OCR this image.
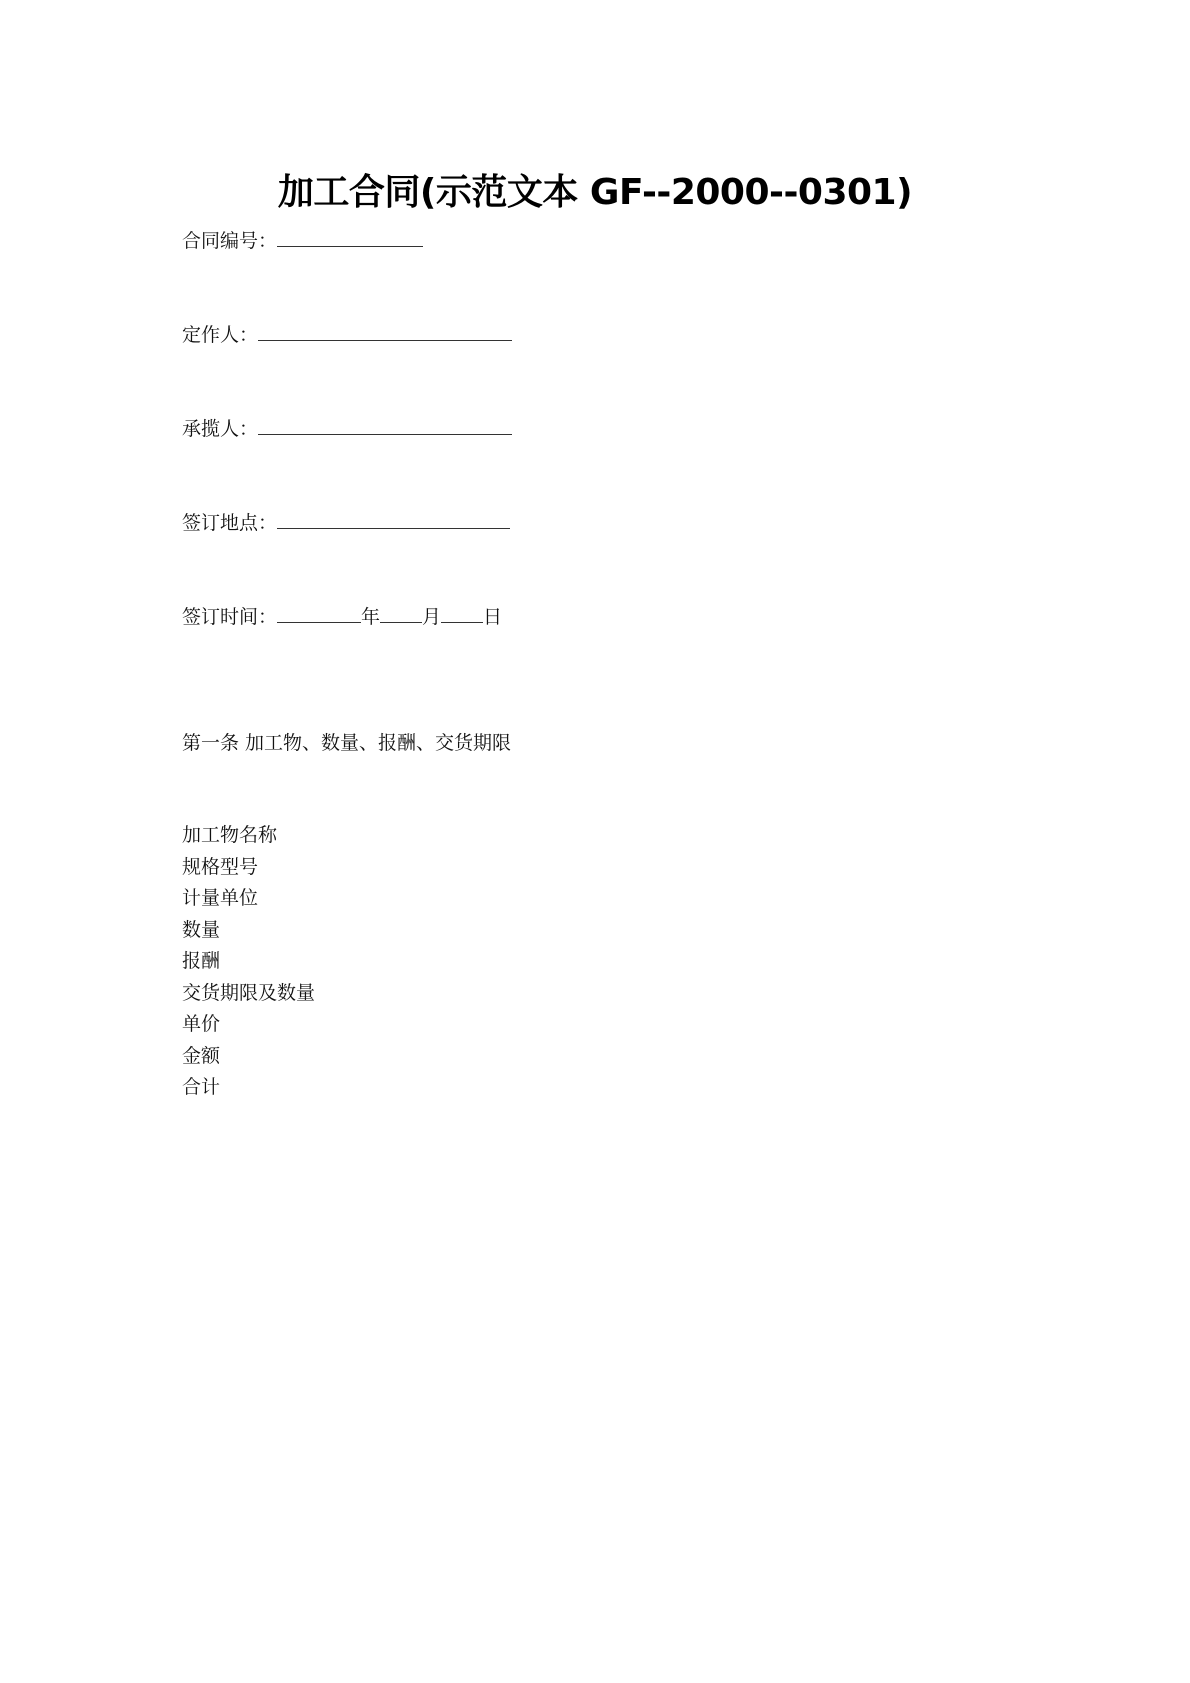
加工合同(示范文本 GF--2000--0301)
合同编号：
定作人：
承揽人：
签订地点：
签订时间：	年 月 日
第一条 加工物、数量、报酬、交货期限
加工物名称
规格型号
计量单位
数量
报酬
交货期限及数量
单价
金额
合计
